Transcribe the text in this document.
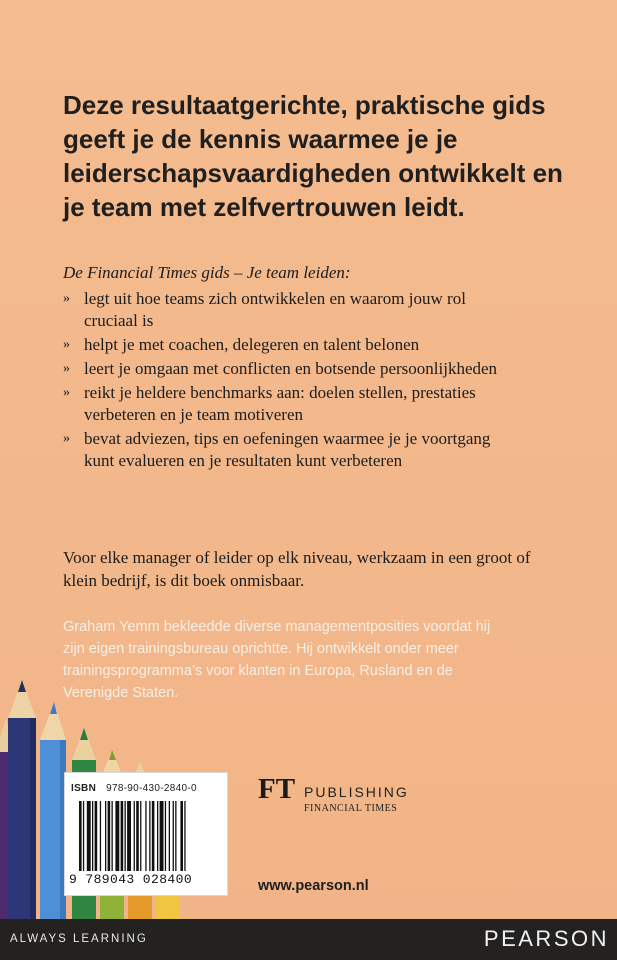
Deze resultaatgerichte, praktische gids geeft je de kennis waarmee je je leiderschapsvaardigheden ontwikkelt en je team met zelfvertrouwen leidt.

De Financial Times gids – Je team leiden:

» legt uit hoe teams zich ontwikkelen en waarom jouw rol cruciaal is
» helpt je met coachen, delegeren en talent belonen
» leert je omgaan met conflicten en botsende persoonlijkheden
» reikt je heldere benchmarks aan: doelen stellen, prestaties verbeteren en je team motiveren
» bevat adviezen, tips en oefeningen waarmee je je voortgang kunt evalueren en je resultaten kunt verbeteren

Voor elke manager of leider op elk niveau, werkzaam in een groot of klein bedrijf, is dit boek onmisbaar.

Graham Yemm bekleedde diverse managementposities voordat hij zijn eigen trainingsbureau oprichtte. Hij ontwikkelt onder meer trainingsprogramma’s voor klanten in Europa, Rusland en de Verenigde Staten.

ISBN 978-90-430-2840-0
9 789043 028400
FT PUBLISHING
FINANCIAL TIMES
www.pearson.nl
ALWAYS LEARNING	PEARSON
